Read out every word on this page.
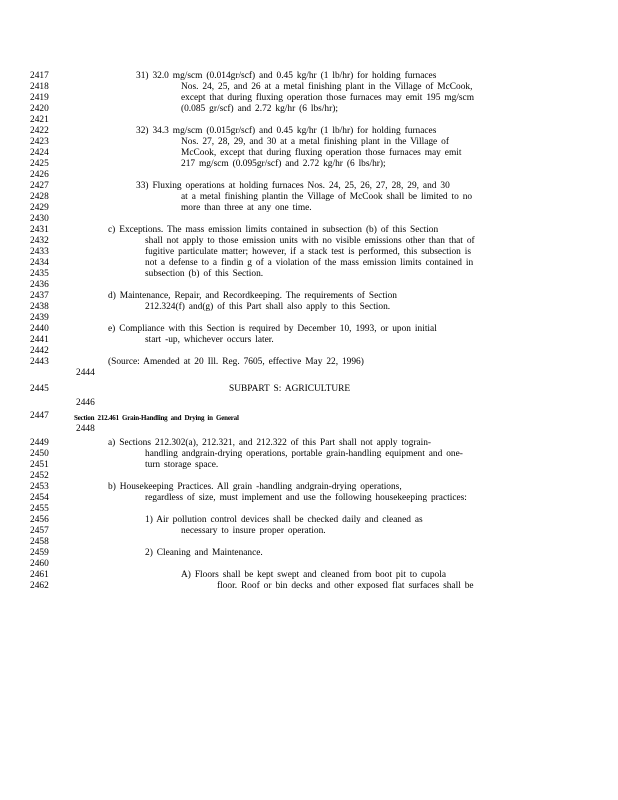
2417	31) 32.0 mg/scm (0.014gr/scf) and 0.45 kg/hr (1 lb/hr) for holding furnaces
2418	Nos. 24, 25, and 26 at a metal finishing plant in the Village of McCook,
2419	except that during fluxing operation those furnaces may emit 195 mg/scm
2420	(0.085 gr/scf) and 2.72 kg/hr (6 lbs/hr);
2421
2422	32) 34.3 mg/scm (0.015gr/scf) and 0.45 kg/hr (1 lb/hr) for holding furnaces
2423	Nos. 27, 28, 29, and 30 at a metal finishing plant in the Village of
2424	McCook, except that during fluxing operation those furnaces may emit
2425	217 mg/scm (0.095gr/scf) and 2.72 kg/hr (6 lbs/hr);
2426
2427	33) Fluxing operations at holding furnaces Nos. 24, 25, 26, 27, 28, 29, and 30
2428	at a metal finishing plantin the Village of McCook shall be limited to no
2429	more than three at any one time.
2430
2431	c) Exceptions. The mass emission limits contained in subsection (b) of this Section
2432	shall not apply to those emission units with no visible emissions other than that of
2433	fugitive particulate matter; however, if a stack test is performed, this subsection is
2434	not a defense to a findin g of a violation of the mass emission limits contained in
2435	subsection (b) of this Section.
2436
2437	d) Maintenance, Repair, and Recordkeeping. The requirements of Section
2438	212.324(f) and(g) of this Part shall also apply to this Section.
2439
2440	e) Compliance with this Section is required by December 10, 1993, or upon initial
2441	start -up, whichever occurs later.
2442
2443	(Source: Amended at 20 Ill. Reg. 7605, effective May 22, 1996)
2444
2445	SUBPART S: AGRICULTURE
2446
2447	Section 212.461 Grain-Handling and Drying in General
2448
2449	a) Sections 212.302(a), 212.321, and 212.322 of this Part shall not apply tograin-
2450	handling andgrain-drying operations, portable grain-handling equipment and one-
2451	turn storage space.
2452
2453	b) Housekeeping Practices. All grain -handling andgrain-drying operations,
2454	regardless of size, must implement and use the following housekeeping practices:
2455
2456	1) Air pollution control devices shall be checked daily and cleaned as
2457	necessary to insure proper operation.
2458
2459	2) Cleaning and Maintenance.
2460
2461	A) Floors shall be kept swept and cleaned from boot pit to cupola
2462	floor. Roof or bin decks and other exposed flat surfaces shall be
